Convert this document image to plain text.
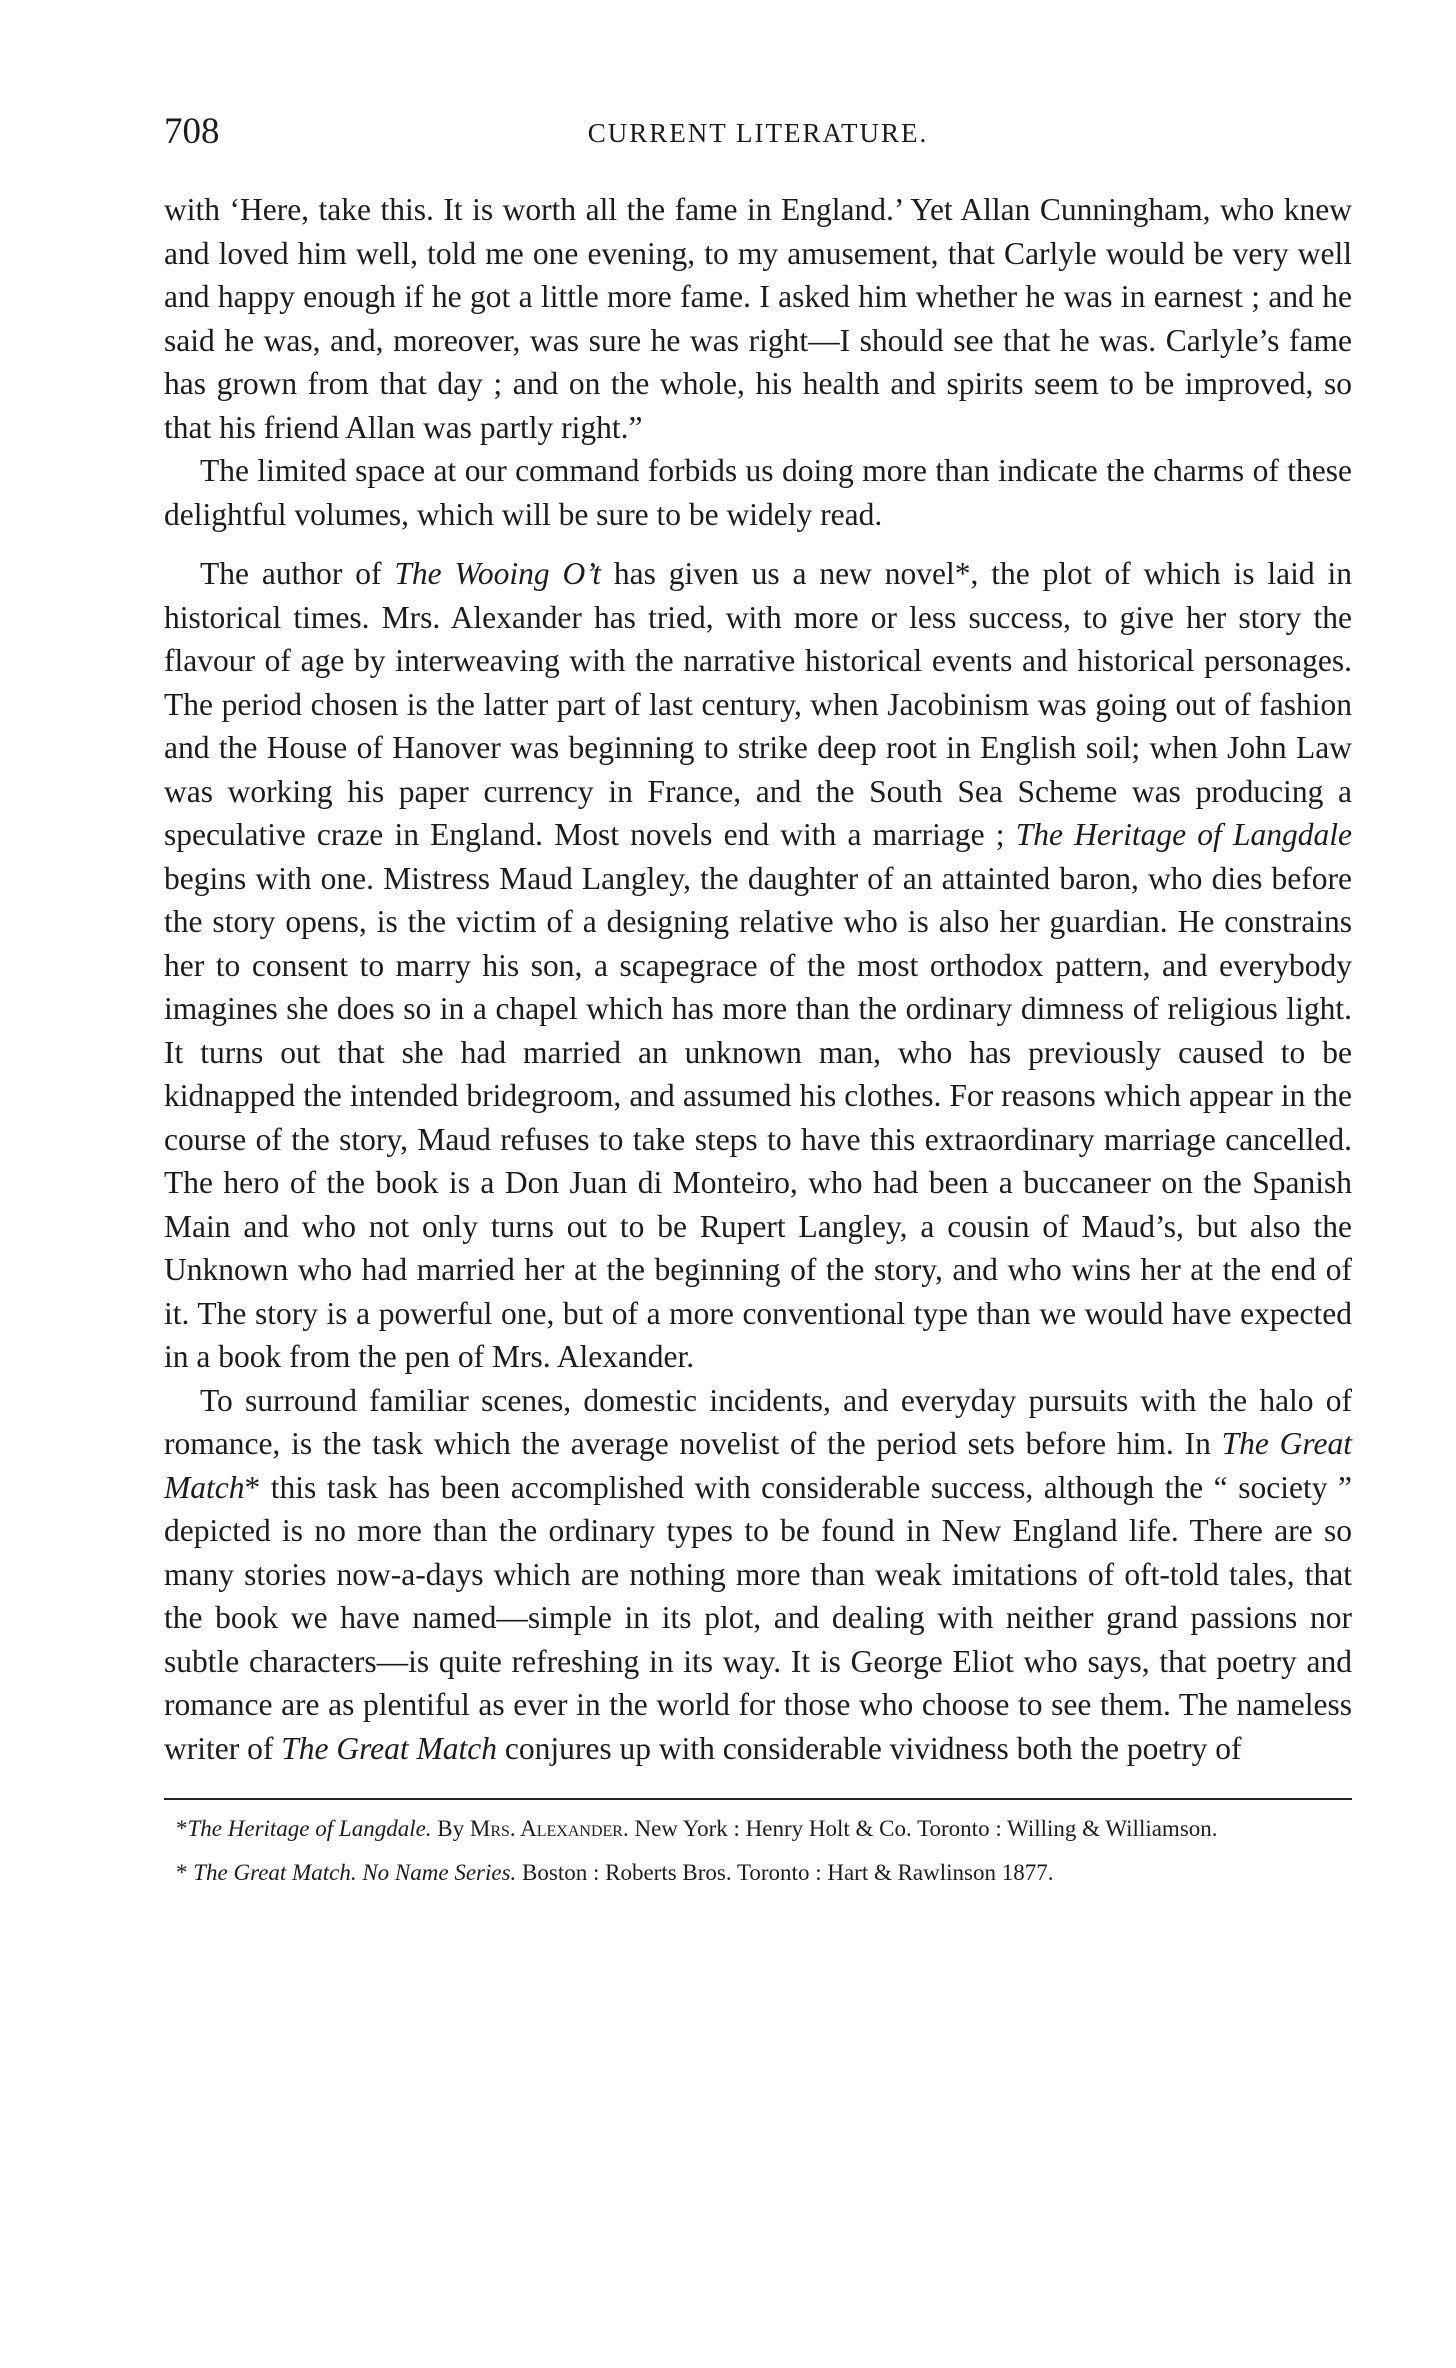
708	CURRENT LITERATURE.

with ‘Here, take this. It is worth all the fame in England.’ Yet Allan Cunningham, who knew and loved him well, told me one evening, to my amusement, that Carlyle would be very well and happy enough if he got a little more fame. I asked him whether he was in earnest ; and he said he was, and, moreover, was sure he was right—I should see that he was. Carlyle’s fame has grown from that day ; and on the whole, his health and spirits seem to be improved, so that his friend Allan was partly right.”

The limited space at our command forbids us doing more than indicate the charms of these delightful volumes, which will be sure to be widely read.

The author of The Wooing O’t has given us a new novel*, the plot of which is laid in historical times. Mrs. Alexander has tried, with more or less success, to give her story the flavour of age by interweaving with the narrative historical events and historical personages. The period chosen is the latter part of last century, when Jacobinism was going out of fashion and the House of Hanover was beginning to strike deep root in English soil; when John Law was working his paper currency in France, and the South Sea Scheme was producing a speculative craze in England. Most novels end with a marriage ; The Heritage of Langdale begins with one. Mistress Maud Langley, the daughter of an attainted baron, who dies before the story opens, is the victim of a designing relative who is also her guardian. He constrains her to consent to marry his son, a scapegrace of the most orthodox pattern, and everybody imagines she does so in a chapel which has more than the ordinary dimness of religious light. It turns out that she had married an unknown man, who has previously caused to be kidnapped the intended bridegroom, and assumed his clothes. For reasons which appear in the course of the story, Maud refuses to take steps to have this extraordinary marriage cancelled. The hero of the book is a Don Juan di Monteiro, who had been a buccaneer on the Spanish Main and who not only turns out to be Rupert Langley, a cousin of Maud’s, but also the Unknown who had married her at the beginning of the story, and who wins her at the end of it. The story is a powerful one, but of a more conventional type than we would have expected in a book from the pen of Mrs. Alexander.

To surround familiar scenes, domestic incidents, and everyday pursuits with the halo of romance, is the task which the average novelist of the period sets before him. In The Great Match* this task has been accomplished with considerable success, although the “ society ” depicted is no more than the ordinary types to be found in New England life. There are so many stories now-a-days which are nothing more than weak imitations of oft-told tales, that the book we have named—simple in its plot, and dealing with neither grand passions nor subtle characters—is quite refreshing in its way. It is George Eliot who says, that poetry and romance are as plentiful as ever in the world for those who choose to see them. The nameless writer of The Great Match conjures up with considerable vividness both the poetry of

*The Heritage of Langdale. By Mrs. Alexander. New York : Henry Holt & Co. Toronto : Willing & Williamson.

* The Great Match. No Name Series. Boston : Roberts Bros. Toronto : Hart & Rawlinson 1877.
